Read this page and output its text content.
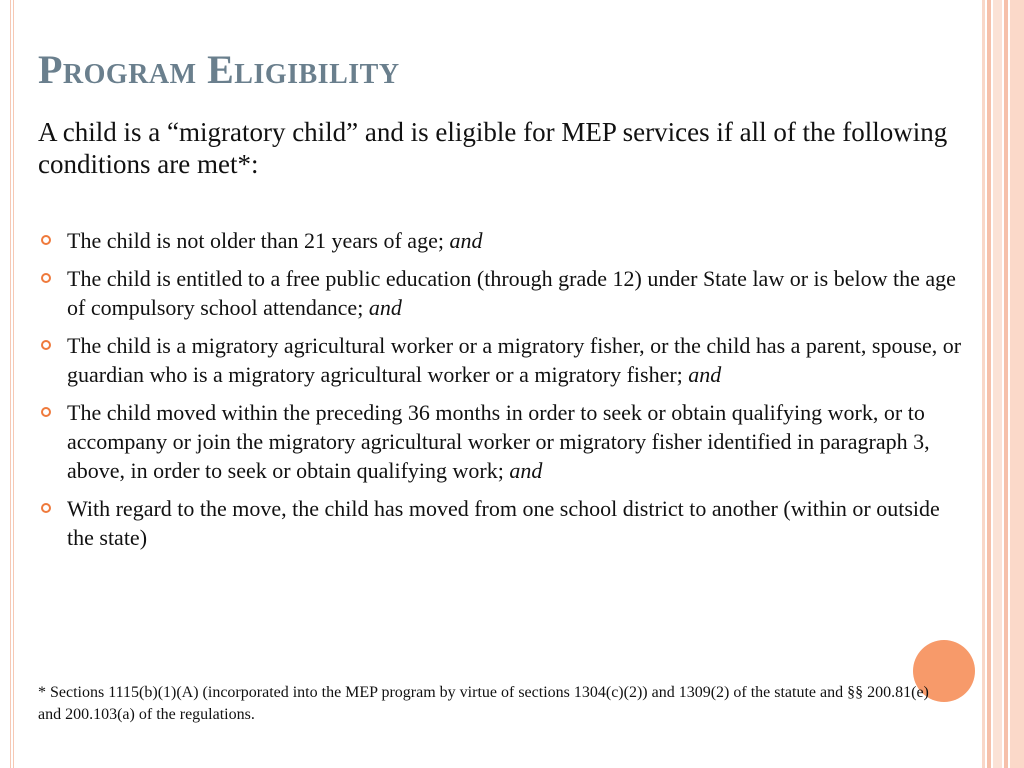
Program Eligibility

A child is a “migratory child” and is eligible for MEP services if all of the following conditions are met*:

The child is not older than 21 years of age; and
The child is entitled to a free public education (through grade 12) under State law or is below the age of compulsory school attendance; and
The child is a migratory agricultural worker or a migratory fisher, or the child has a parent, spouse, or guardian who is a migratory agricultural worker or a migratory fisher; and
The child moved within the preceding 36 months in order to seek or obtain qualifying work, or to accompany or join the migratory agricultural worker or migratory fisher identified in paragraph 3, above, in order to seek or obtain qualifying work; and
With regard to the move, the child has moved from one school district to another (within or outside the state)

* Sections 1115(b)(1)(A) (incorporated into the MEP program by virtue of sections 1304(c)(2)) and 1309(2) of the statute and §§ 200.81(e) and 200.103(a) of the regulations.
